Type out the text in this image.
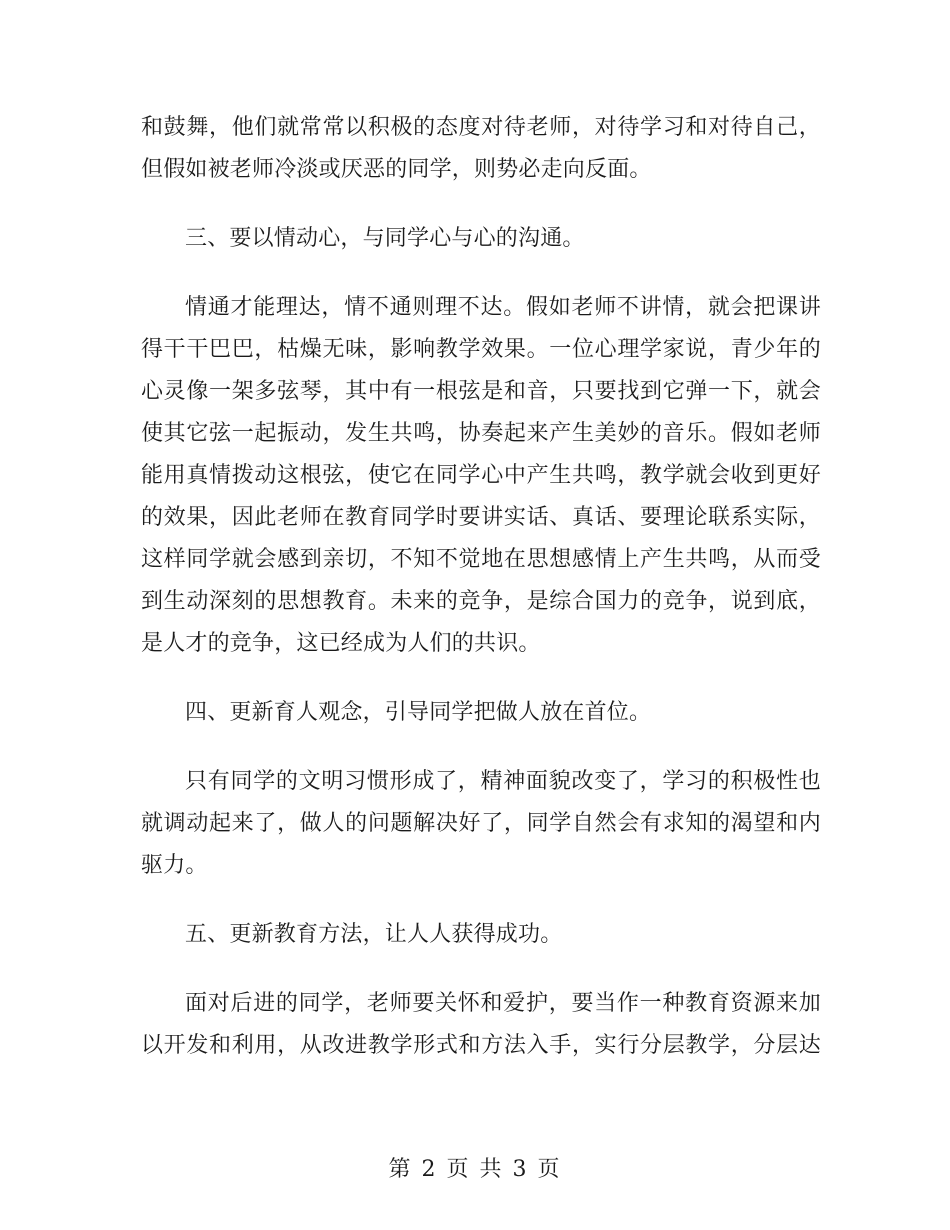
和鼓舞，他们就常常以积极的态度对待老师，对待学习和对待自己，
但假如被老师冷淡或厌恶的同学，则势必走向反面。
三、要以情动心，与同学心与心的沟通。
情通才能理达，情不通则理不达。假如老师不讲情，就会把课讲
得干干巴巴，枯燥无味，影响教学效果。一位心理学家说，青少年的
心灵像一架多弦琴，其中有一根弦是和音，只要找到它弹一下，就会
使其它弦一起振动，发生共鸣，协奏起来产生美妙的音乐。假如老师
能用真情拨动这根弦，使它在同学心中产生共鸣，教学就会收到更好
的效果，因此老师在教育同学时要讲实话、真话、要理论联系实际，
这样同学就会感到亲切，不知不觉地在思想感情上产生共鸣，从而受
到生动深刻的思想教育。未来的竞争，是综合国力的竞争，说到底，
是人才的竞争，这已经成为人们的共识。
四、更新育人观念，引导同学把做人放在首位。
只有同学的文明习惯形成了，精神面貌改变了，学习的积极性也
就调动起来了，做人的问题解决好了，同学自然会有求知的渴望和内
驱力。
五、更新教育方法，让人人获得成功。
面对后进的同学，老师要关怀和爱护，要当作一种教育资源来加
以开发和利用，从改进教学形式和方法入手，实行分层教学，分层达
第 2 页 共 3 页
